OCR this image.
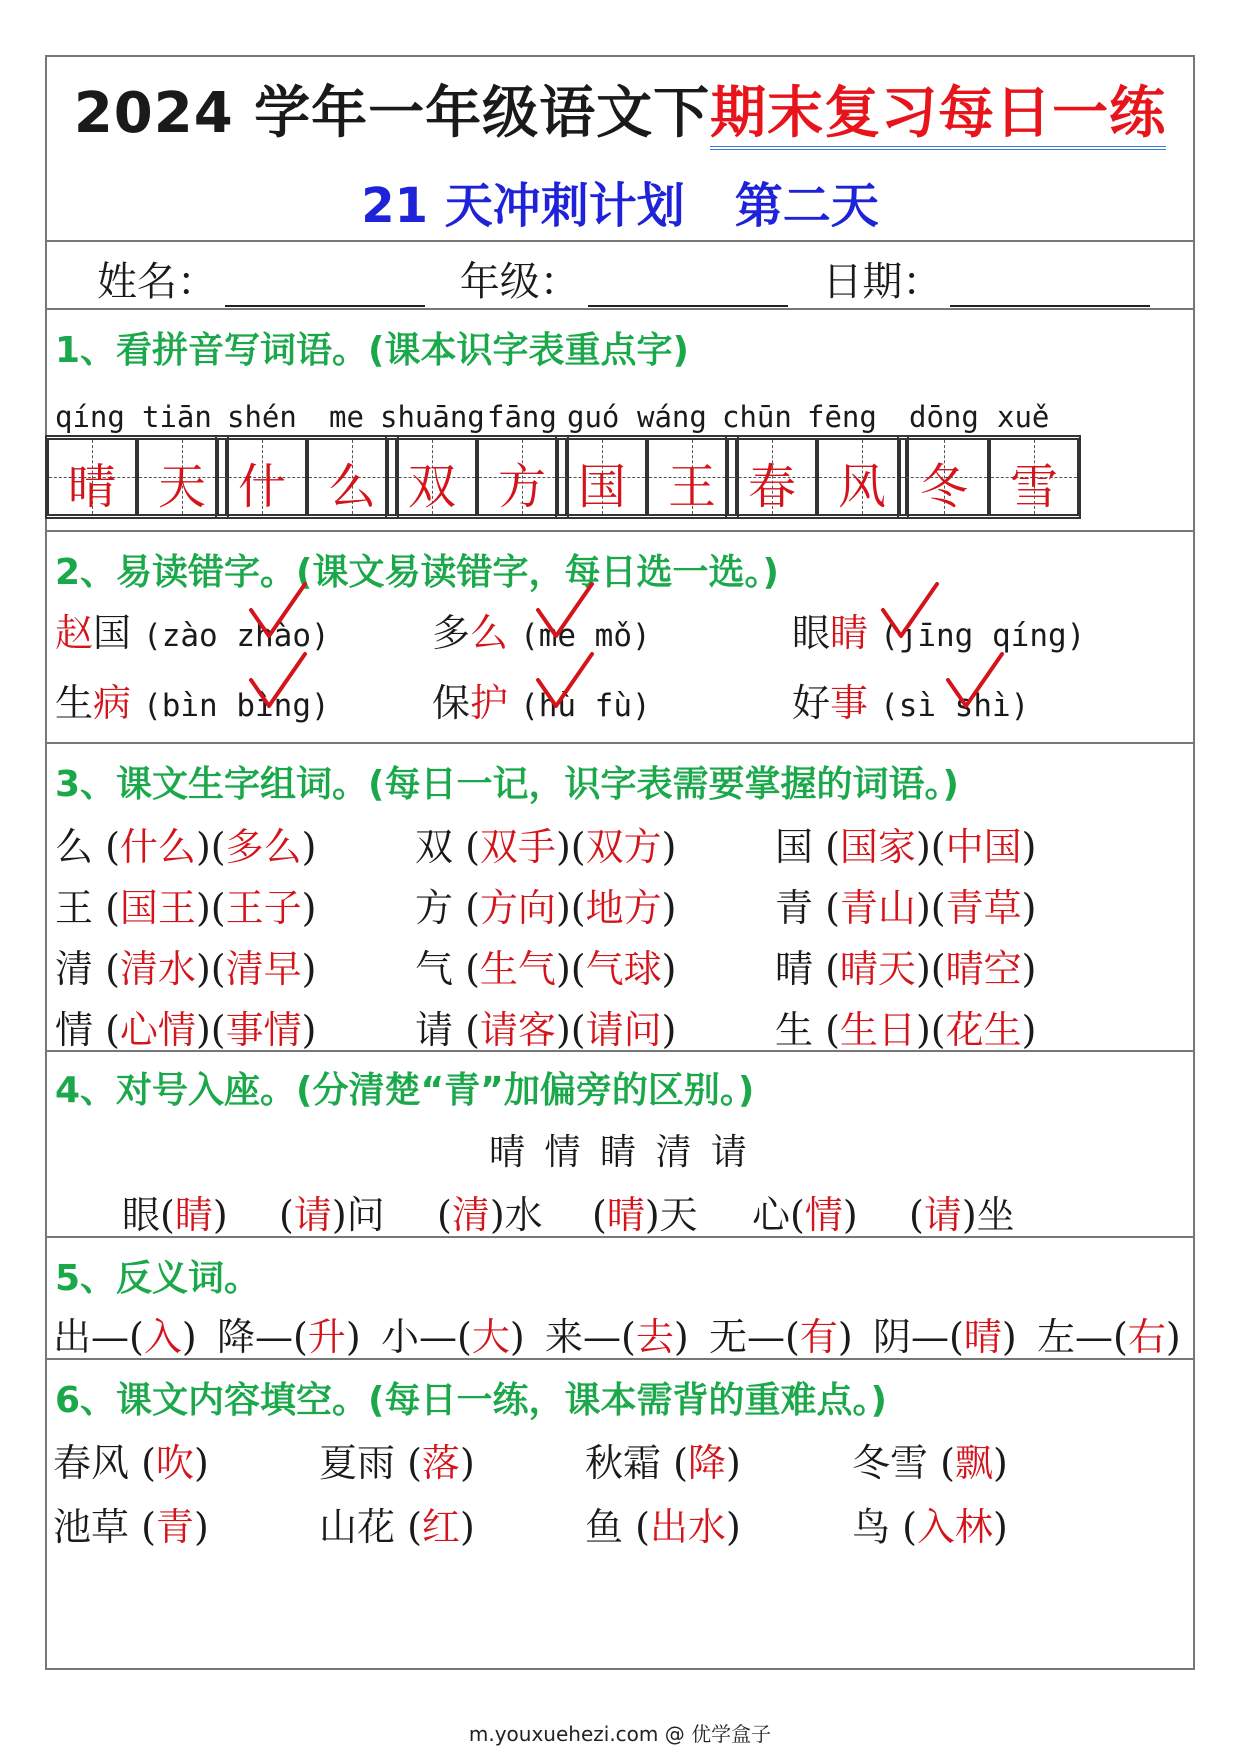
2024 学年一年级语文下期末复习每日一练
21 天冲刺计划 第二天
姓名：	年级：	日期：
1、看拼音写词语。(课本识字表重点字)
qíng tiān shén me shuāng fāng guó wáng chūn fēng dōng xuě
晴 天 什 么 双 方 国 王 春 风 冬 雪
2、易读错字。(课文易读错字，每日选一选。)
赵国 (zào zhào)	多么 (me mǒ)	眼睛 (jīng qíng)
生病 (bìn bìng)	保护 (hù fù)	好事 (sì shì)
3、课文生字组词。(每日一记，识字表需要掌握的词语。)
么 (什么)(多么)	双 (双手)(双方)	国 (国家)(中国)
王 (国王)(王子)	方 (方向)(地方)	青 (青山)(青草)
清 (清水)(清早)	气 (生气)(气球)	晴 (晴天)(晴空)
情 (心情)(事情)	请 (请客)(请问)	生 (生日)(花生)
4、对号入座。(分清楚“青”加偏旁的区别。)
晴 情 睛 清 请
眼(睛) (请)问 (清)水 (晴)天 心(情) (请)坐
5、反义词。
出—(入) 降—(升) 小—(大) 来—(去) 无—(有) 阴—(晴) 左—(右)
6、课文内容填空。(每日一练，课本需背的重难点。)
春风 (吹)	夏雨 (落)	秋霜 (降)	冬雪 (飘)
池草 (青)	山花 (红)	鱼 (出水)	鸟 (入林)
m.youxuehezi.com @ 优学盒子
